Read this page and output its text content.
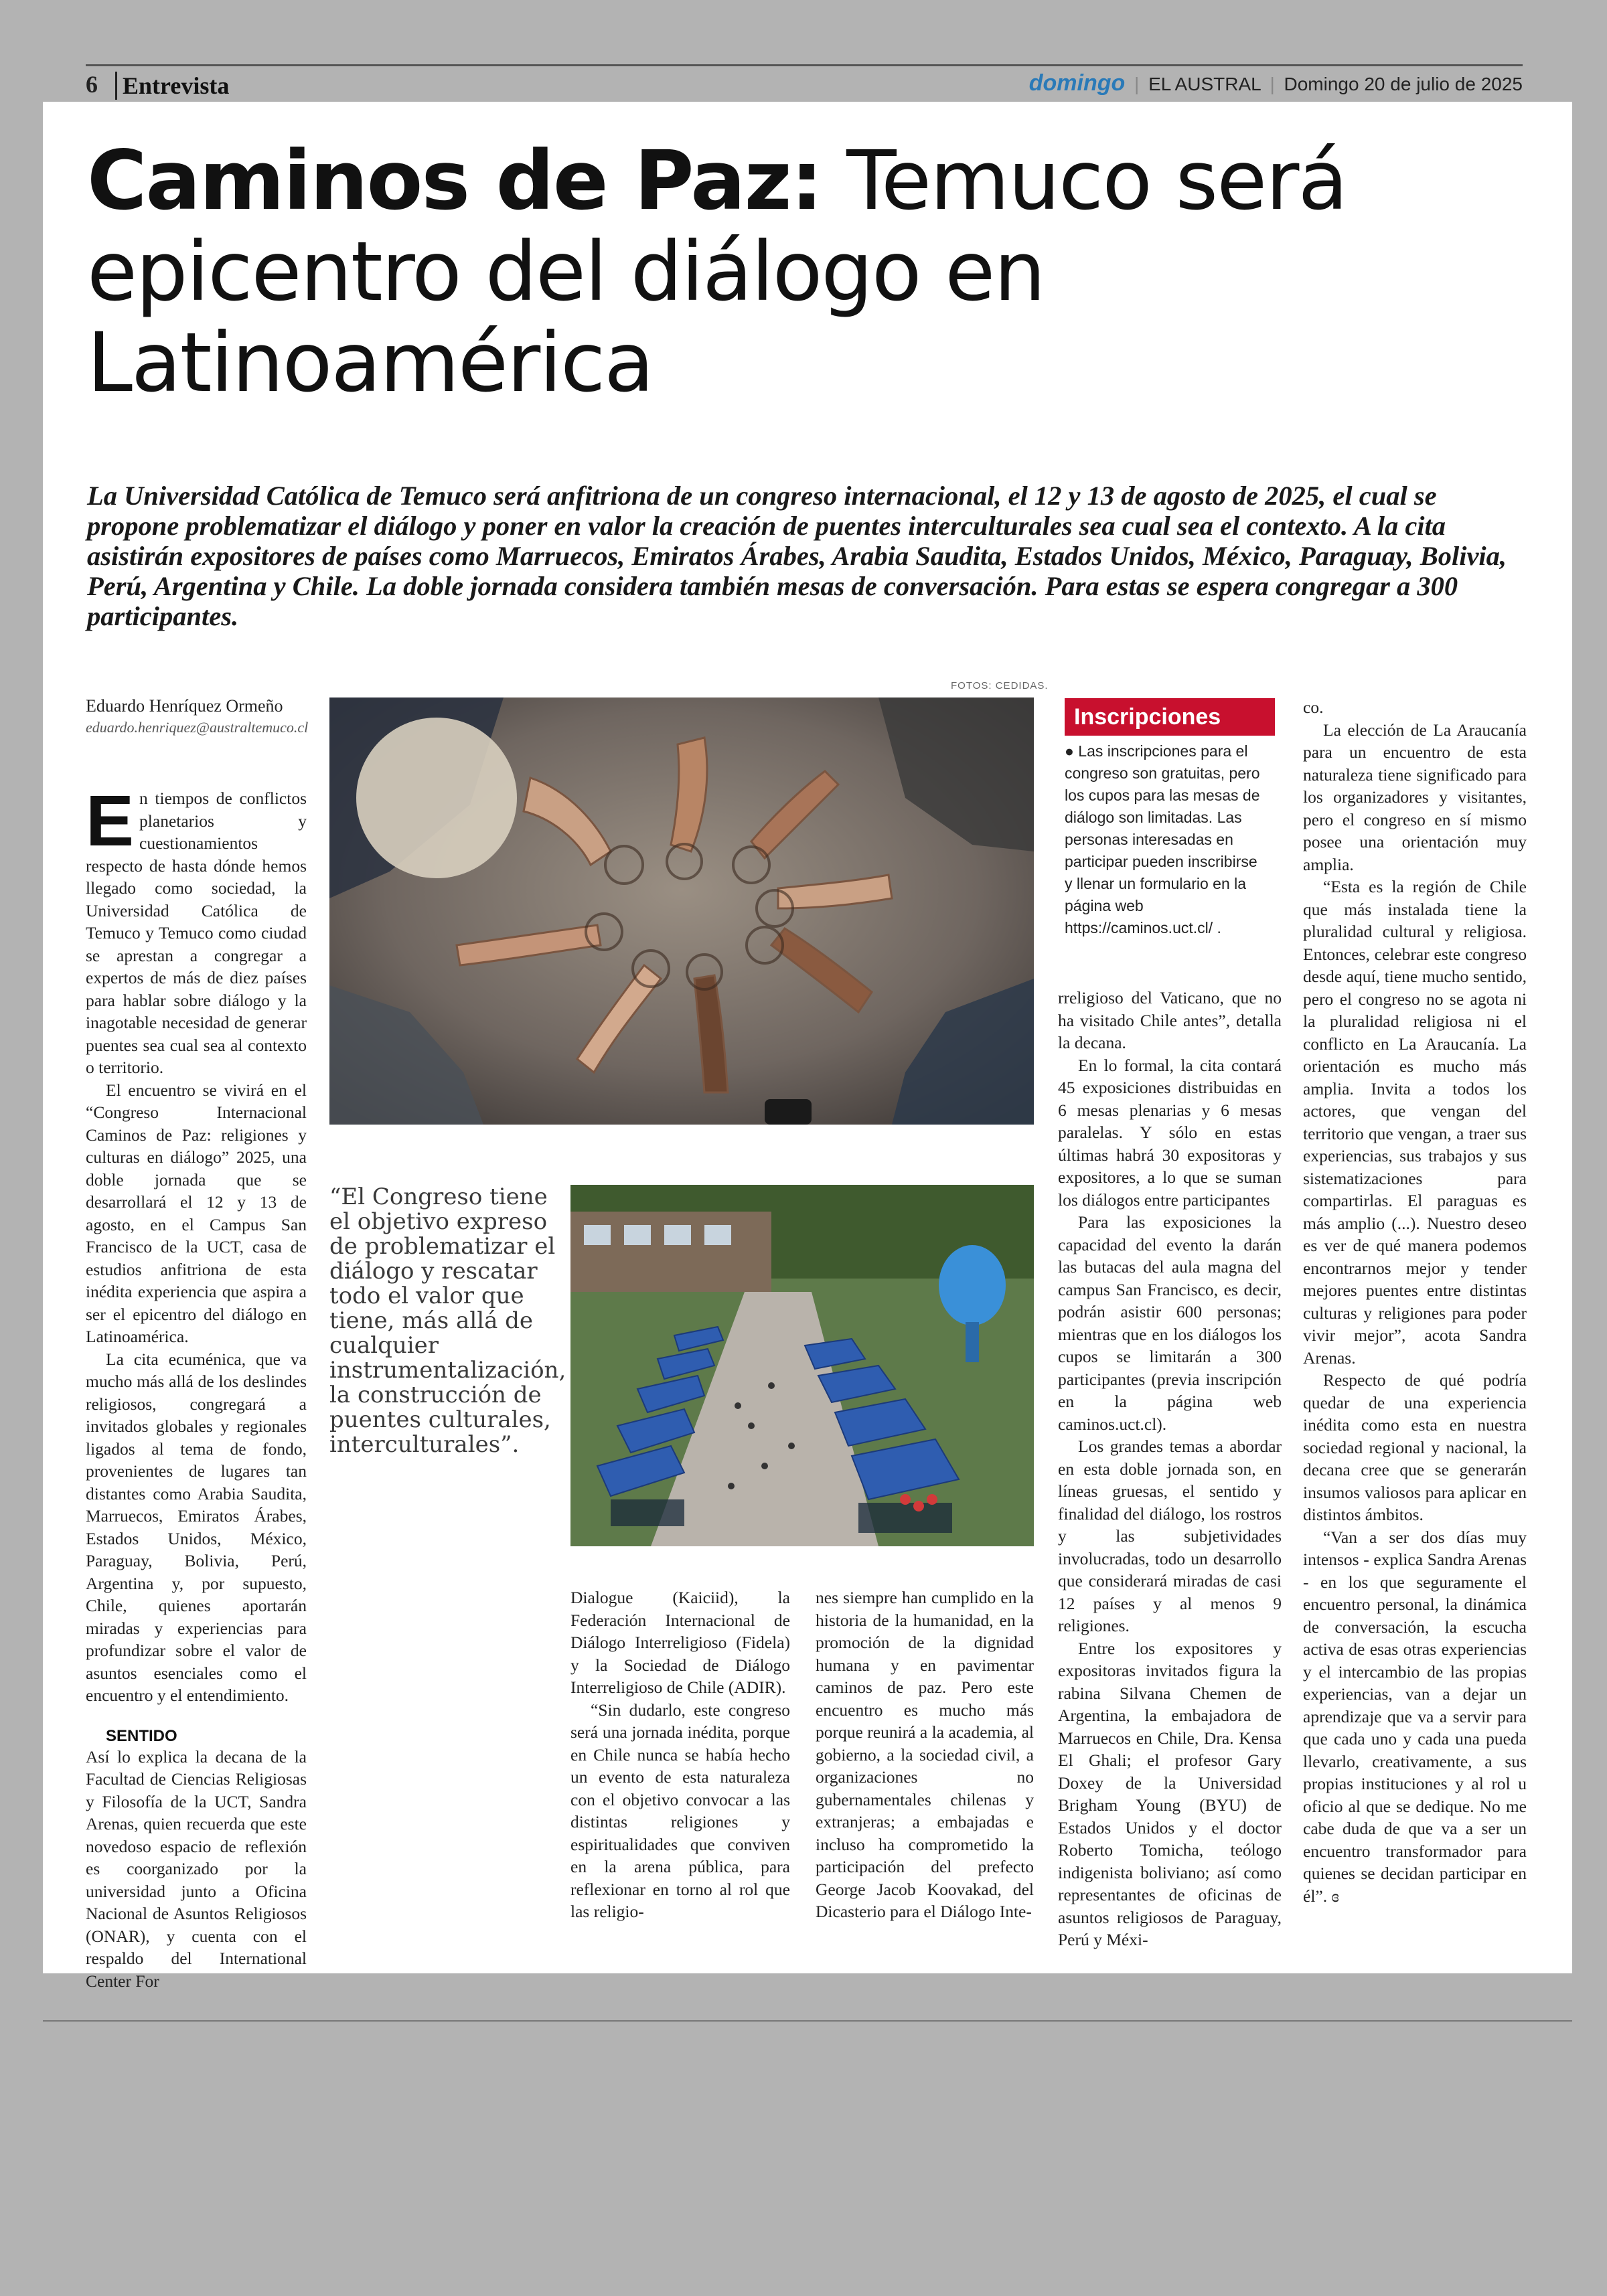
6	Entrevista	domingo | EL AUSTRAL | Domingo 20 de julio de 2025
Caminos de Paz: Temuco será epicentro del diálogo en Latinoamérica

La Universidad Católica de Temuco será anfitriona de un congreso internacional, el 12 y 13 de agosto de 2025, el cual se propone problematizar el diálogo y poner en valor la creación de puentes interculturales sea cual sea el contexto. A la cita asistirán expositores de países como Marruecos, Emiratos Árabes, Arabia Saudita, Estados Unidos, México, Paraguay, Bolivia, Perú, Argentina y Chile. La doble jornada considera también mesas de conversación. Para estas se espera congregar a 300 participantes.

Eduardo Henríquez Ormeño
eduardo.henriquez@australtemuco.cl

En tiempos de conflictos planetarios y cuestionamientos respecto de hasta dónde hemos llegado como sociedad, la Universidad Católica de Temuco y Temuco como ciudad se aprestan a congregar a expertos de más de diez países para hablar sobre diálogo y la inagotable necesidad de generar puentes sea cual sea al contexto o territorio.

El encuentro se vivirá en el “Congreso Internacional Caminos de Paz: religiones y culturas en diálogo” 2025, una doble jornada que se desarrollará el 12 y 13 de agosto, en el Campus San Francisco de la UCT, casa de estudios anfitriona de esta inédita experiencia que aspira a ser el epicentro del diálogo en Latinoamérica.

La cita ecuménica, que va mucho más allá de los deslindes religiosos, congregará a invitados globales y regionales ligados al tema de fondo, provenientes de lugares tan distantes como Arabia Saudita, Marruecos, Emiratos Árabes, Estados Unidos, México, Paraguay, Bolivia, Perú, Argentina y, por supuesto, Chile, quienes aportarán miradas y experiencias para profundizar sobre el valor de asuntos esenciales como el encuentro y el entendimiento.

SENTIDO

Así lo explica la decana de la Facultad de Ciencias Religiosas y Filosofía de la UCT, Sandra Arenas, quien recuerda que este novedoso espacio de reflexión es coorganizado por la universidad junto a Oficina Nacional de Asuntos Religiosos (ONAR), y cuenta con el respaldo del International Center For

FOTOS: CEDIDAS.
“El Congreso tiene el objetivo expreso de problematizar el diálogo y rescatar todo el valor que tiene, más allá de cualquier instrumentalización, la construcción de puentes culturales, interculturales”.

Dialogue (Kaiciid), la Federación Internacional de Diálogo Interreligioso (Fidela) y la Sociedad de Diálogo Interreligioso de Chile (ADIR).

“Sin dudarlo, este congreso será una jornada inédita, porque en Chile nunca se había hecho un evento de esta naturaleza con el objetivo convocar a las distintas religiones y espiritualidades que conviven en la arena pública, para reflexionar en torno al rol que las religio-

nes siempre han cumplido en la historia de la humanidad, en la promoción de la dignidad humana y en pavimentar caminos de paz. Pero este encuentro es mucho más porque reunirá a la academia, al gobierno, a la sociedad civil, a organizaciones no gubernamentales chilenas y extranjeras; a embajadas e incluso ha comprometido la participación del prefecto George Jacob Koovakad, del Dicasterio para el Diálogo Inte-

Inscripciones
● Las inscripciones para el congreso son gratuitas, pero los cupos para las mesas de diálogo son limitadas. Las personas interesadas en participar pueden inscribirse y llenar un formulario en la página web https://caminos.uct.cl/ .

rreligioso del Vaticano, que no ha visitado Chile antes”, detalla la decana.

En lo formal, la cita contará 45 exposiciones distribuidas en 6 mesas plenarias y 6 mesas paralelas. Y sólo en estas últimas habrá 30 expositoras y expositores, a lo que se suman los diálogos entre participantes

Para las exposiciones la capacidad del evento la darán las butacas del aula magna del campus San Francisco, es decir, podrán asistir 600 personas; mientras que en los diálogos los cupos se limitarán a 300 participantes (previa inscripción en la página web caminos.uct.cl).

Los grandes temas a abordar en esta doble jornada son, en líneas gruesas, el sentido y finalidad del diálogo, los rostros y las subjetividades involucradas, todo un desarrollo que considerará miradas de casi 12 países y al menos 9 religiones.

Entre los expositores y expositoras invitados figura la rabina Silvana Chemen de Argentina, la embajadora de Marruecos en Chile, Dra. Kensa El Ghali; el profesor Gary Doxey de la Universidad Brigham Young (BYU) de Estados Unidos y el doctor Roberto Tomicha, teólogo indigenista boliviano; así como representantes de oficinas de asuntos religiosos de Paraguay, Perú y Méxi-

co.

La elección de La Araucanía para un encuentro de esta naturaleza tiene significado para los organizadores y visitantes, pero el congreso en sí mismo posee una orientación muy amplia.

“Esta es la región de Chile que más instalada tiene la pluralidad cultural y religiosa. Entonces, celebrar este congreso desde aquí, tiene mucho sentido, pero el congreso no se agota ni la pluralidad religiosa ni el conflicto en La Araucanía. La orientación es mucho más amplia. Invita a todos los actores, que vengan del territorio que vengan, a traer sus experiencias, sus trabajos y sus sistematizaciones para compartirlas. El paraguas es más amplio (...). Nuestro deseo es ver de qué manera podemos encontrarnos mejor y tender mejores puentes entre distintas culturas y religiones para poder vivir mejor”, acota Sandra Arenas.

Respecto de qué podría quedar de una experiencia inédita como esta en nuestra sociedad regional y nacional, la decana cree que se generarán insumos valiosos para aplicar en distintos ámbitos.

“Van a ser dos días muy intensos - explica Sandra Arenas - en los que seguramente el encuentro personal, la dinámica de conversación, la escucha activa de esas otras experiencias y el intercambio de las propias experiencias, van a dejar un aprendizaje que va a servir para que cada uno y cada una pueda llevarlo, creativamente, a sus propias instituciones y al rol u oficio al que se dedique. No me cabe duda de que va a ser un encuentro transformador para quienes se decidan participar en él”. ɞ
